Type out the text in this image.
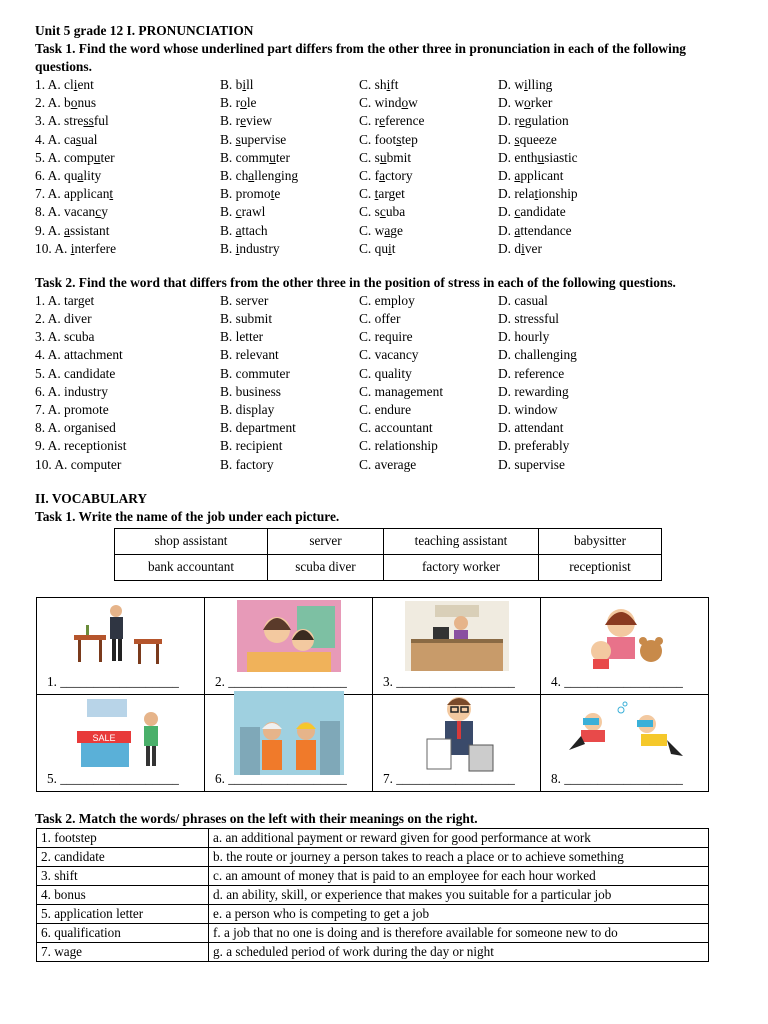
Unit 5 grade 12 I. PRONUNCIATION
Task 1. Find the word whose underlined part differs from the other three in pronunciation in each of the following questions.
1. A. client	B. bill	C. shift	D. willing
2. A. bonus	B. role	C. window	D. worker
3. A. stressful	B. review	C. reference	D. regulation
4. A. casual	B. supervise	C. footstep	D. squeeze
5. A. computer	B. commuter	C. submit	D. enthusiastic
6. A. quality	B. challenging	C. factory	D. applicant
7. A. applicant	B. promote	C. target	D. relationship
8. A. vacancy	B. crawl	C. scuba	D. candidate
9. A. assistant	B. attach	C. wage	D. attendance
10. A. interfere	B. industry	C. quit	D. diver
Task 2. Find the word that differs from the other three in the position of stress in each of the following questions.
1. A. target	B. server	C. employ	D. casual
2. A. diver	B. submit	C. offer	D. stressful
3. A. scuba	B. letter	C. require	D. hourly
4. A. attachment	B. relevant	C. vacancy	D. challenging
5. A. candidate	B. commuter	C. quality	D. reference
6. A. industry	B. business	C. management	D. rewarding
7. A. promote	B. display	C. endure	D. window
8. A. organised	B. department	C. accountant	D. attendant
9. A. receptionist	B. recipient	C. relationship	D. preferably
10. A. computer	B. factory	C. average	D. supervise
II. VOCABULARY
Task 1. Write the name of the job under each picture.
shop assistant	server	teaching assistant	babysitter
bank accountant	scuba diver	factory worker	receptionist
1. __________________	2. __________________	3. __________________	4. __________________

SALE
5. __________________	6. __________________	7. __________________	8. __________________
Task 2. Match the words/ phrases on the left with their meanings on the right.
1. footstep	a. an additional payment or reward given for good performance at work
2. candidate	b. the route or journey a person takes to reach a place or to achieve something
3. shift	c. an amount of money that is paid to an employee for each hour worked
4. bonus	d. an ability, skill, or experience that makes you suitable for a particular job
5. application letter	e. a person who is competing to get a job
6. qualification	f. a job that no one is doing and is therefore available for someone new to do
7. wage	g. a scheduled period of work during the day or night
